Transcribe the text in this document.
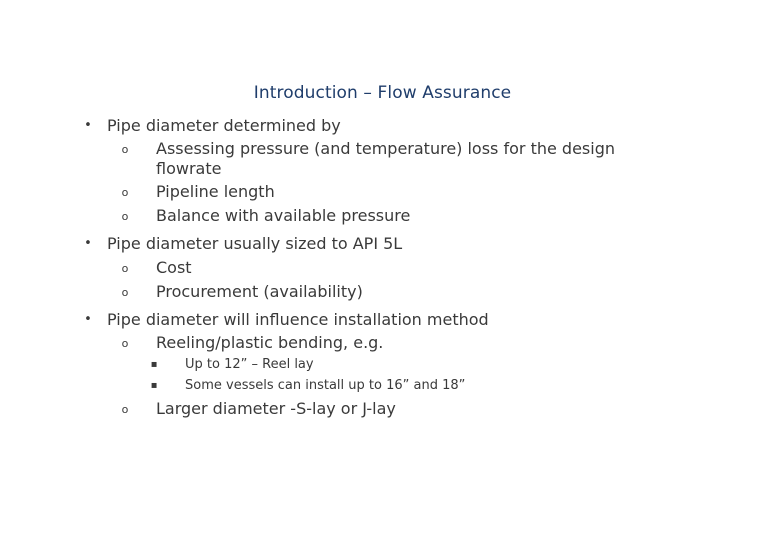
Introduction – Flow Assurance
• Pipe diameter determined by
o Assessing pressure (and temperature) loss for the design
flowrate
o Pipeline length
o Balance with available pressure
• Pipe diameter usually sized to API 5L
o Cost
o Procurement (availability)
• Pipe diameter will influence installation method
o Reeling/plastic bending, e.g.
▪ Up to 12” – Reel lay
▪ Some vessels can install up to 16” and 18”
o Larger diameter -S-lay or J-lay
